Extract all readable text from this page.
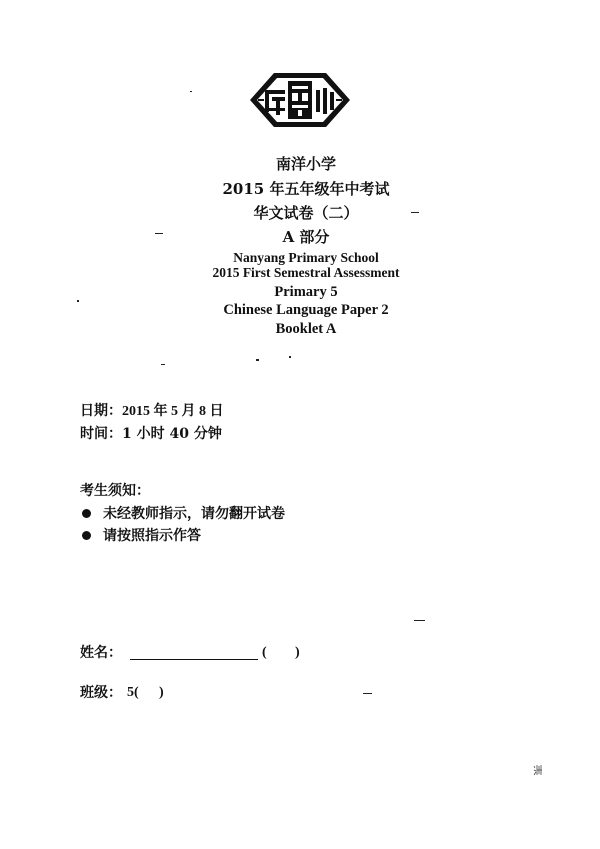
南洋小学
2015 年五年级年中考试
华文试卷（二）
A 部分
Nanyang Primary School
2015 First Semestral Assessment
Primary 5
Chinese Language Paper 2
Booklet A
日期：2015 年 5 月 8 日
时间：1 小时 40 分钟
考生须知：
未经教师指示，请勿翻开试卷
请按照指示作答
姓名：	( )
班级： 5( )
